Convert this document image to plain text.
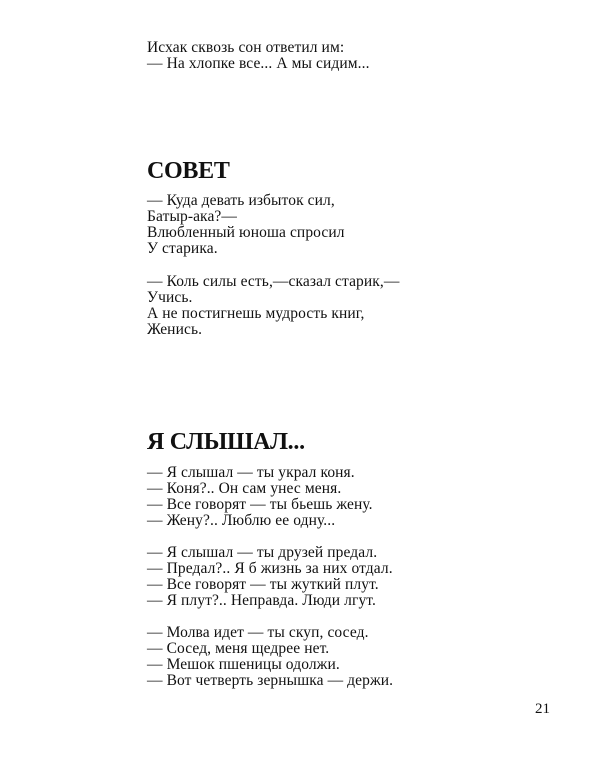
Исхак сквозь сон ответил им:
— На хлопке все... А мы сидим...
СОВЕТ
— Куда девать избыток сил,
Батыр-ака?—
Влюбленный юноша спросил
У старика.
— Коль силы есть,—сказал старик,—
Учись.
А не постигнешь мудрость книг,
Женись.
Я СЛЫШАЛ...
— Я слышал — ты украл коня.
— Коня?.. Он сам унес меня.
— Все говорят — ты бьешь жену.
— Жену?.. Люблю ее одну...
— Я слышал — ты друзей предал.
— Предал?.. Я б жизнь за них отдал.
— Все говорят — ты жуткий плут.
— Я плут?.. Неправда. Люди лгут.
— Молва идет — ты скуп, сосед.
— Сосед, меня щедрее нет.
— Мешок пшеницы одолжи.
— Вот четверть зернышка — держи.
21
